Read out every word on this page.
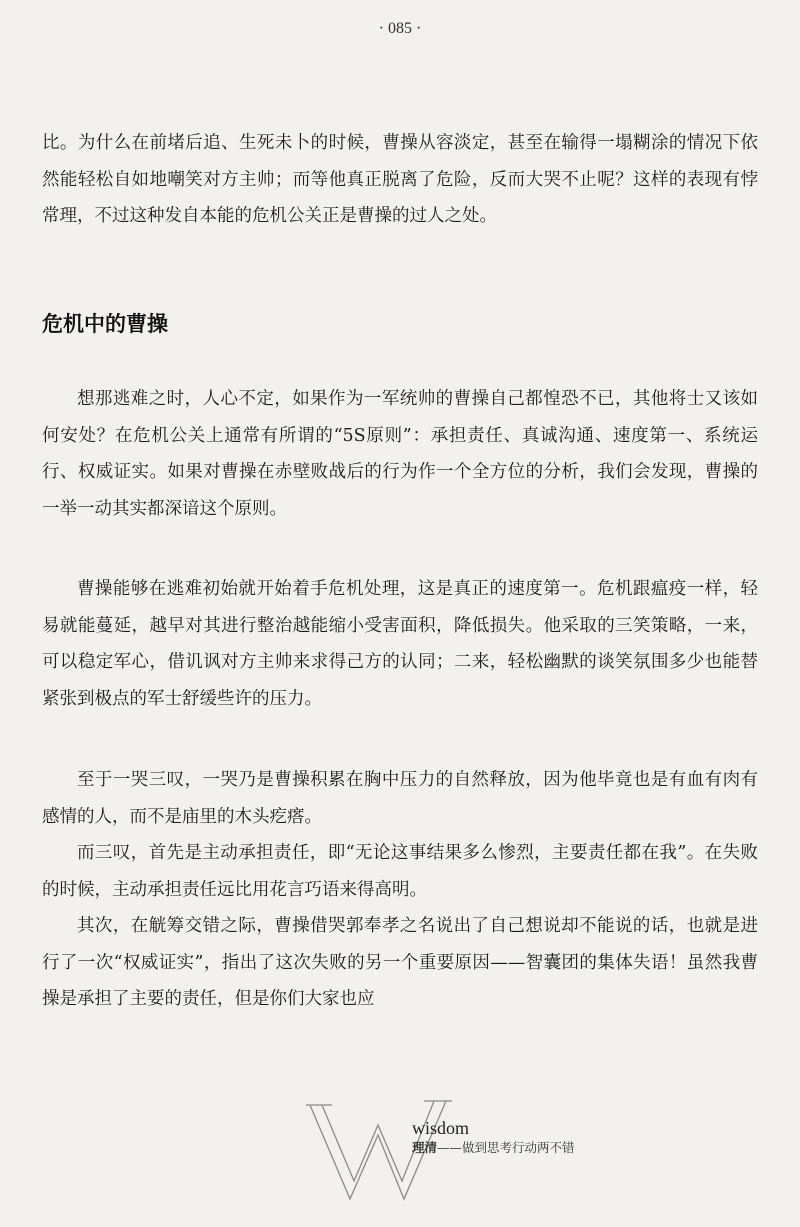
· 085 ·

比。为什么在前堵后追、生死未卜的时候，曹操从容淡定，甚至在输得一塌糊涂的情况下依然能轻松自如地嘲笑对方主帅；而等他真正脱离了危险，反而大哭不止呢？这样的表现有悖常理，不过这种发自本能的危机公关正是曹操的过人之处。

危机中的曹操

想那逃难之时，人心不定，如果作为一军统帅的曹操自己都惶恐不已，其他将士又该如何安处？在危机公关上通常有所谓的“5S原则”：承担责任、真诚沟通、速度第一、系统运行、权威证实。如果对曹操在赤壁败战后的行为作一个全方位的分析，我们会发现，曹操的一举一动其实都深谙这个原则。

曹操能够在逃难初始就开始着手危机处理，这是真正的速度第一。危机跟瘟疫一样，轻易就能蔓延，越早对其进行整治越能缩小受害面积，降低损失。他采取的三笑策略，一来，可以稳定军心，借讥讽对方主帅来求得己方的认同；二来，轻松幽默的谈笑氛围多少也能替紧张到极点的军士舒缓些许的压力。

至于一哭三叹，一哭乃是曹操积累在胸中压力的自然释放，因为他毕竟也是有血有肉有感情的人，而不是庙里的木头疙瘩。

而三叹，首先是主动承担责任，即“无论这事结果多么惨烈，主要责任都在我”。在失败的时候，主动承担责任远比用花言巧语来得高明。

其次，在觥筹交错之际，曹操借哭郭奉孝之名说出了自己想说却不能说的话，也就是进行了一次“权威证实”，指出了这次失败的另一个重要原因——智囊团的集体失语！虽然我曹操是承担了主要的责任，但是你们大家也应

wisdom
理清——做到思考行动两不错
